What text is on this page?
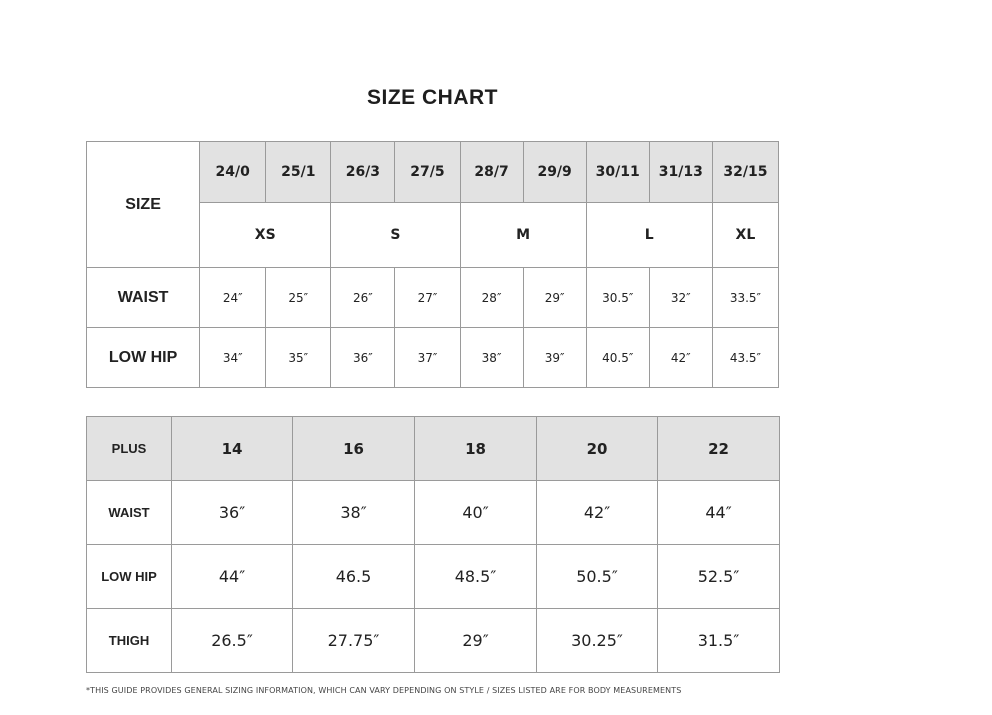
SIZE CHART
SIZE	24/0	25/1	26/3	27/5	28/7	29/9	30/11	31/13	32/15
	XS		S		M		L		XL
WAIST	24″	25″	26″	27″	28″	29″	30.5″	32″	33.5″
LOW HIP	34″	35″	36″	37″	38″	39″	40.5″	42″	43.5″
PLUS	14	16	18	20	22
WAIST	36″	38″	40″	42″	44″
LOW HIP	44″	46.5	48.5″	50.5″	52.5″
THIGH	26.5″	27.75″	29″	30.25″	31.5″
*THIS GUIDE PROVIDES GENERAL SIZING INFORMATION, WHICH CAN VARY DEPENDING ON STYLE / SIZES LISTED ARE FOR BODY MEASUREMENTS
